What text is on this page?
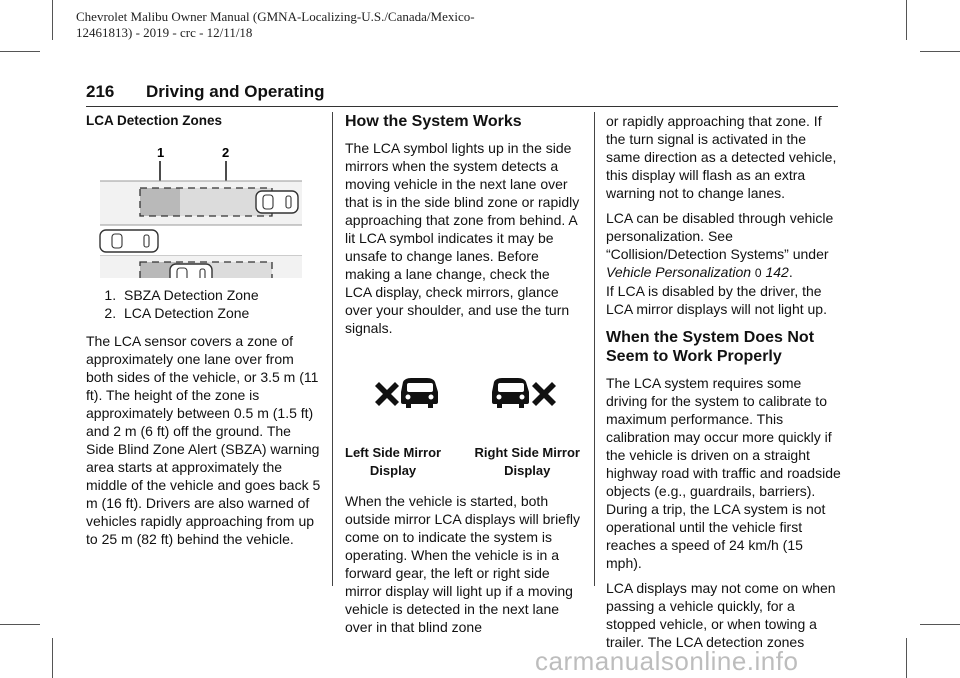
Chevrolet Malibu Owner Manual (GMNA-Localizing-U.S./Canada/Mexico-
12461813) - 2019 - crc - 12/11/18
216 Driving and Operating
LCA Detection Zones
1	2
1. SBZA Detection Zone
2. LCA Detection Zone

The LCA sensor covers a zone of approximately one lane over from both sides of the vehicle, or 3.5 m (11 ft). The height of the zone is approximately between 0.5 m (1.5 ft) and 2 m (6 ft) off the ground. The Side Blind Zone Alert (SBZA) warning area starts at approximately the middle of the vehicle and goes back 5 m (16 ft). Drivers are also warned of vehicles rapidly approaching from up to 25 m (82 ft) behind the vehicle.

How the System Works

The LCA symbol lights up in the side mirrors when the system detects a moving vehicle in the next lane over that is in the side blind zone or rapidly approaching that zone from behind. A lit LCA symbol indicates it may be unsafe to change lanes. Before making a lane change, check the LCA display, check mirrors, glance over your shoulder, and use the turn signals.

Left Side Mirror
Display
Right Side Mirror
Display

When the vehicle is started, both outside mirror LCA displays will briefly come on to indicate the system is operating. When the vehicle is in a forward gear, the left or right side mirror display will light up if a moving vehicle is detected in the next lane over in that blind zone

or rapidly approaching that zone. If the turn signal is activated in the same direction as a detected vehicle, this display will flash as an extra warning not to change lanes.

LCA can be disabled through vehicle personalization. See “Collision/Detection Systems” under Vehicle Personalization 0 142.

If LCA is disabled by the driver, the LCA mirror displays will not light up.

When the System Does Not Seem to Work Properly

The LCA system requires some driving for the system to calibrate to maximum performance. This calibration may occur more quickly if the vehicle is driven on a straight highway road with traffic and roadside objects (e.g., guardrails, barriers). During a trip, the LCA system is not operational until the vehicle first reaches a speed of 24 km/h (15 mph).

LCA displays may not come on when passing a vehicle quickly, for a stopped vehicle, or when towing a trailer. The LCA detection zones

carmanualsonline.info
